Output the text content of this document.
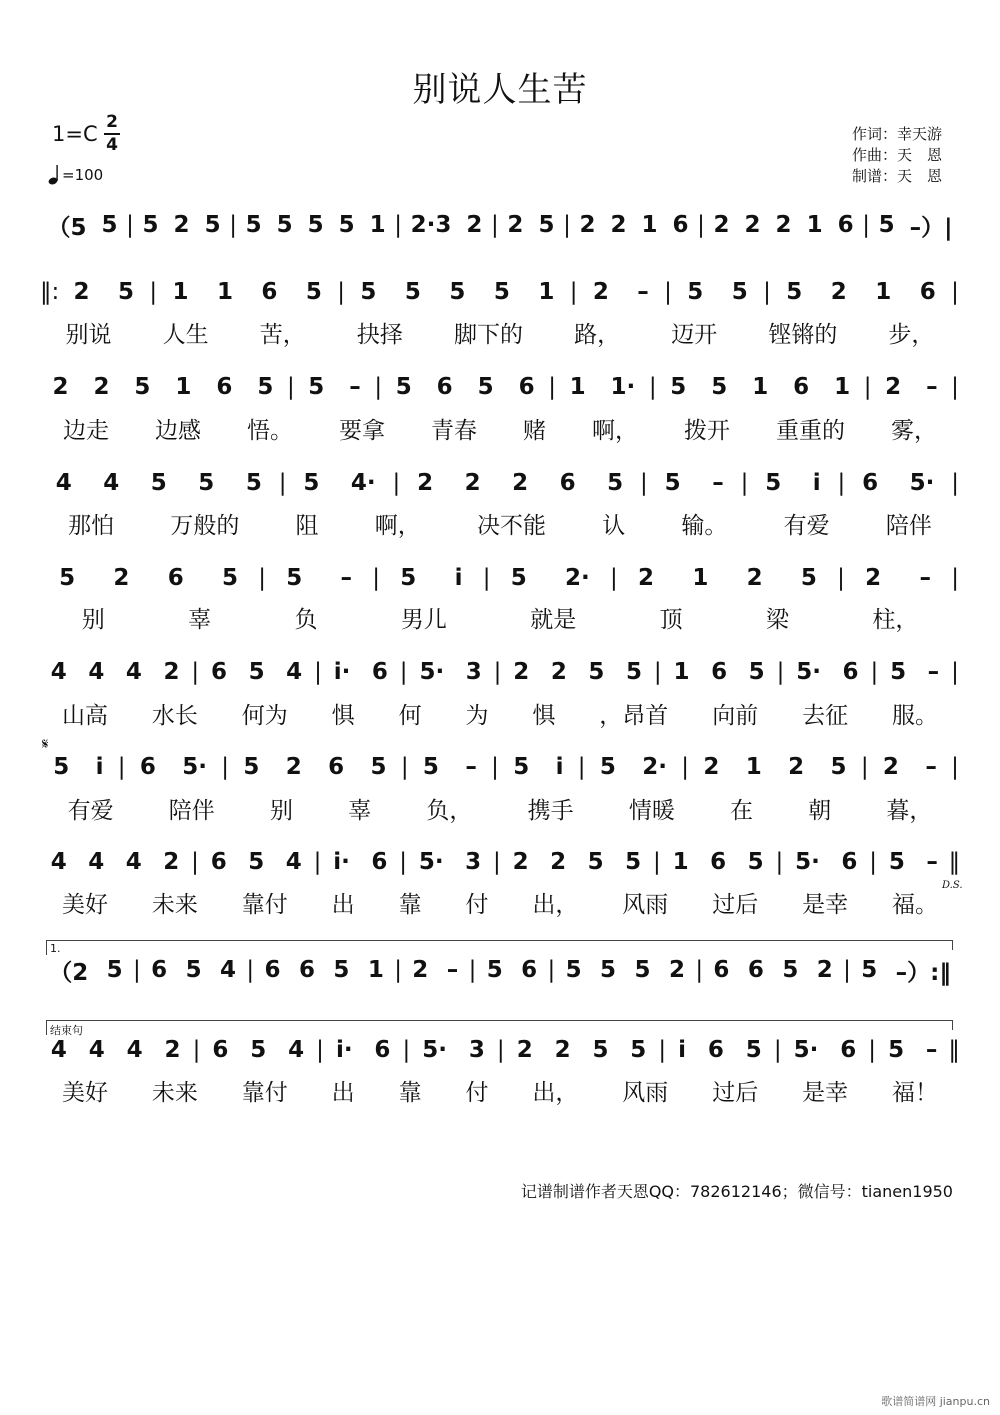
别说人生苦
1=C 2
4
=100
作词：幸天游
作曲：天　恩
制谱：天　恩
𝄋
D.S.
1.
结束句
（5 5 | 5 2 5 | 5 5 5 5 1 | 2·3 2 | 2 5 | 2 2 1 6 | 2 2 2 1 6 | 5 –）|
‖: 2	5 | 1	1	6	5 | 5	5	5	5	1 | 2	– | 5	5 | 5	2	1	6 |
别说	人生	苦，	抉择	脚下的	路，	迈开	铿锵的	步，
2	2	5	1	6	5 | 5	– | 5	6	5	6 | 1	1· | 5	5	1	6	1 | 2	– |
边走	边感	悟。	要拿	青春	赌	啊，	拨开	重重的	雾，
4	4	5	5	5 | 5	4· | 2	2	2	6	5 | 5	– | 5	i | 6	5· |
那怕	万般的	阻	啊，	决不能	认	输。	有爱	陪伴
5	2	6	5 | 5	– | 5	i | 5	2· | 2	1	2	5 | 2	– |
别	辜	负	男儿	就是	顶	梁	柱，
4 4 4 2 | 6 5 4 | i· 6 | 5· 3 | 2 2 5 5 | 1 6 5 | 5· 6 | 5 – |
山高	水长	何为	惧	何	为	惧	，昂首	向前	去征	服。
5	i | 6	5· | 5	2	6	5 | 5	– | 5	i | 5	2· | 2	1	2	5 | 2	– |
有爱	陪伴	别	辜	负，	携手	情暖	在	朝	暮，
4 4 4 2 | 6 5 4 | i· 6 | 5· 3 | 2 2 5 5 | 1 6 5 | 5· 6 | 5 – ‖
美好	未来	靠付	出	靠	付	出，	风雨	过后	是幸	福。
（2 5 | 6 5 4 | 6 6 5 1 | 2 – | 5 6 | 5 5 5 2 | 6 6 5 2 | 5 –）:‖
4 4 4 2 | 6 5 4 | i· 6 | 5· 3 | 2 2 5 5 | i 6 5 | 5· 6 | 5 – ‖
美好	未来	靠付	出	靠	付	出，	风雨	过后	是幸	福！
记谱制谱作者天恩QQ：782612146；微信号：tianen1950
歌谱简谱网 jianpu.cn
